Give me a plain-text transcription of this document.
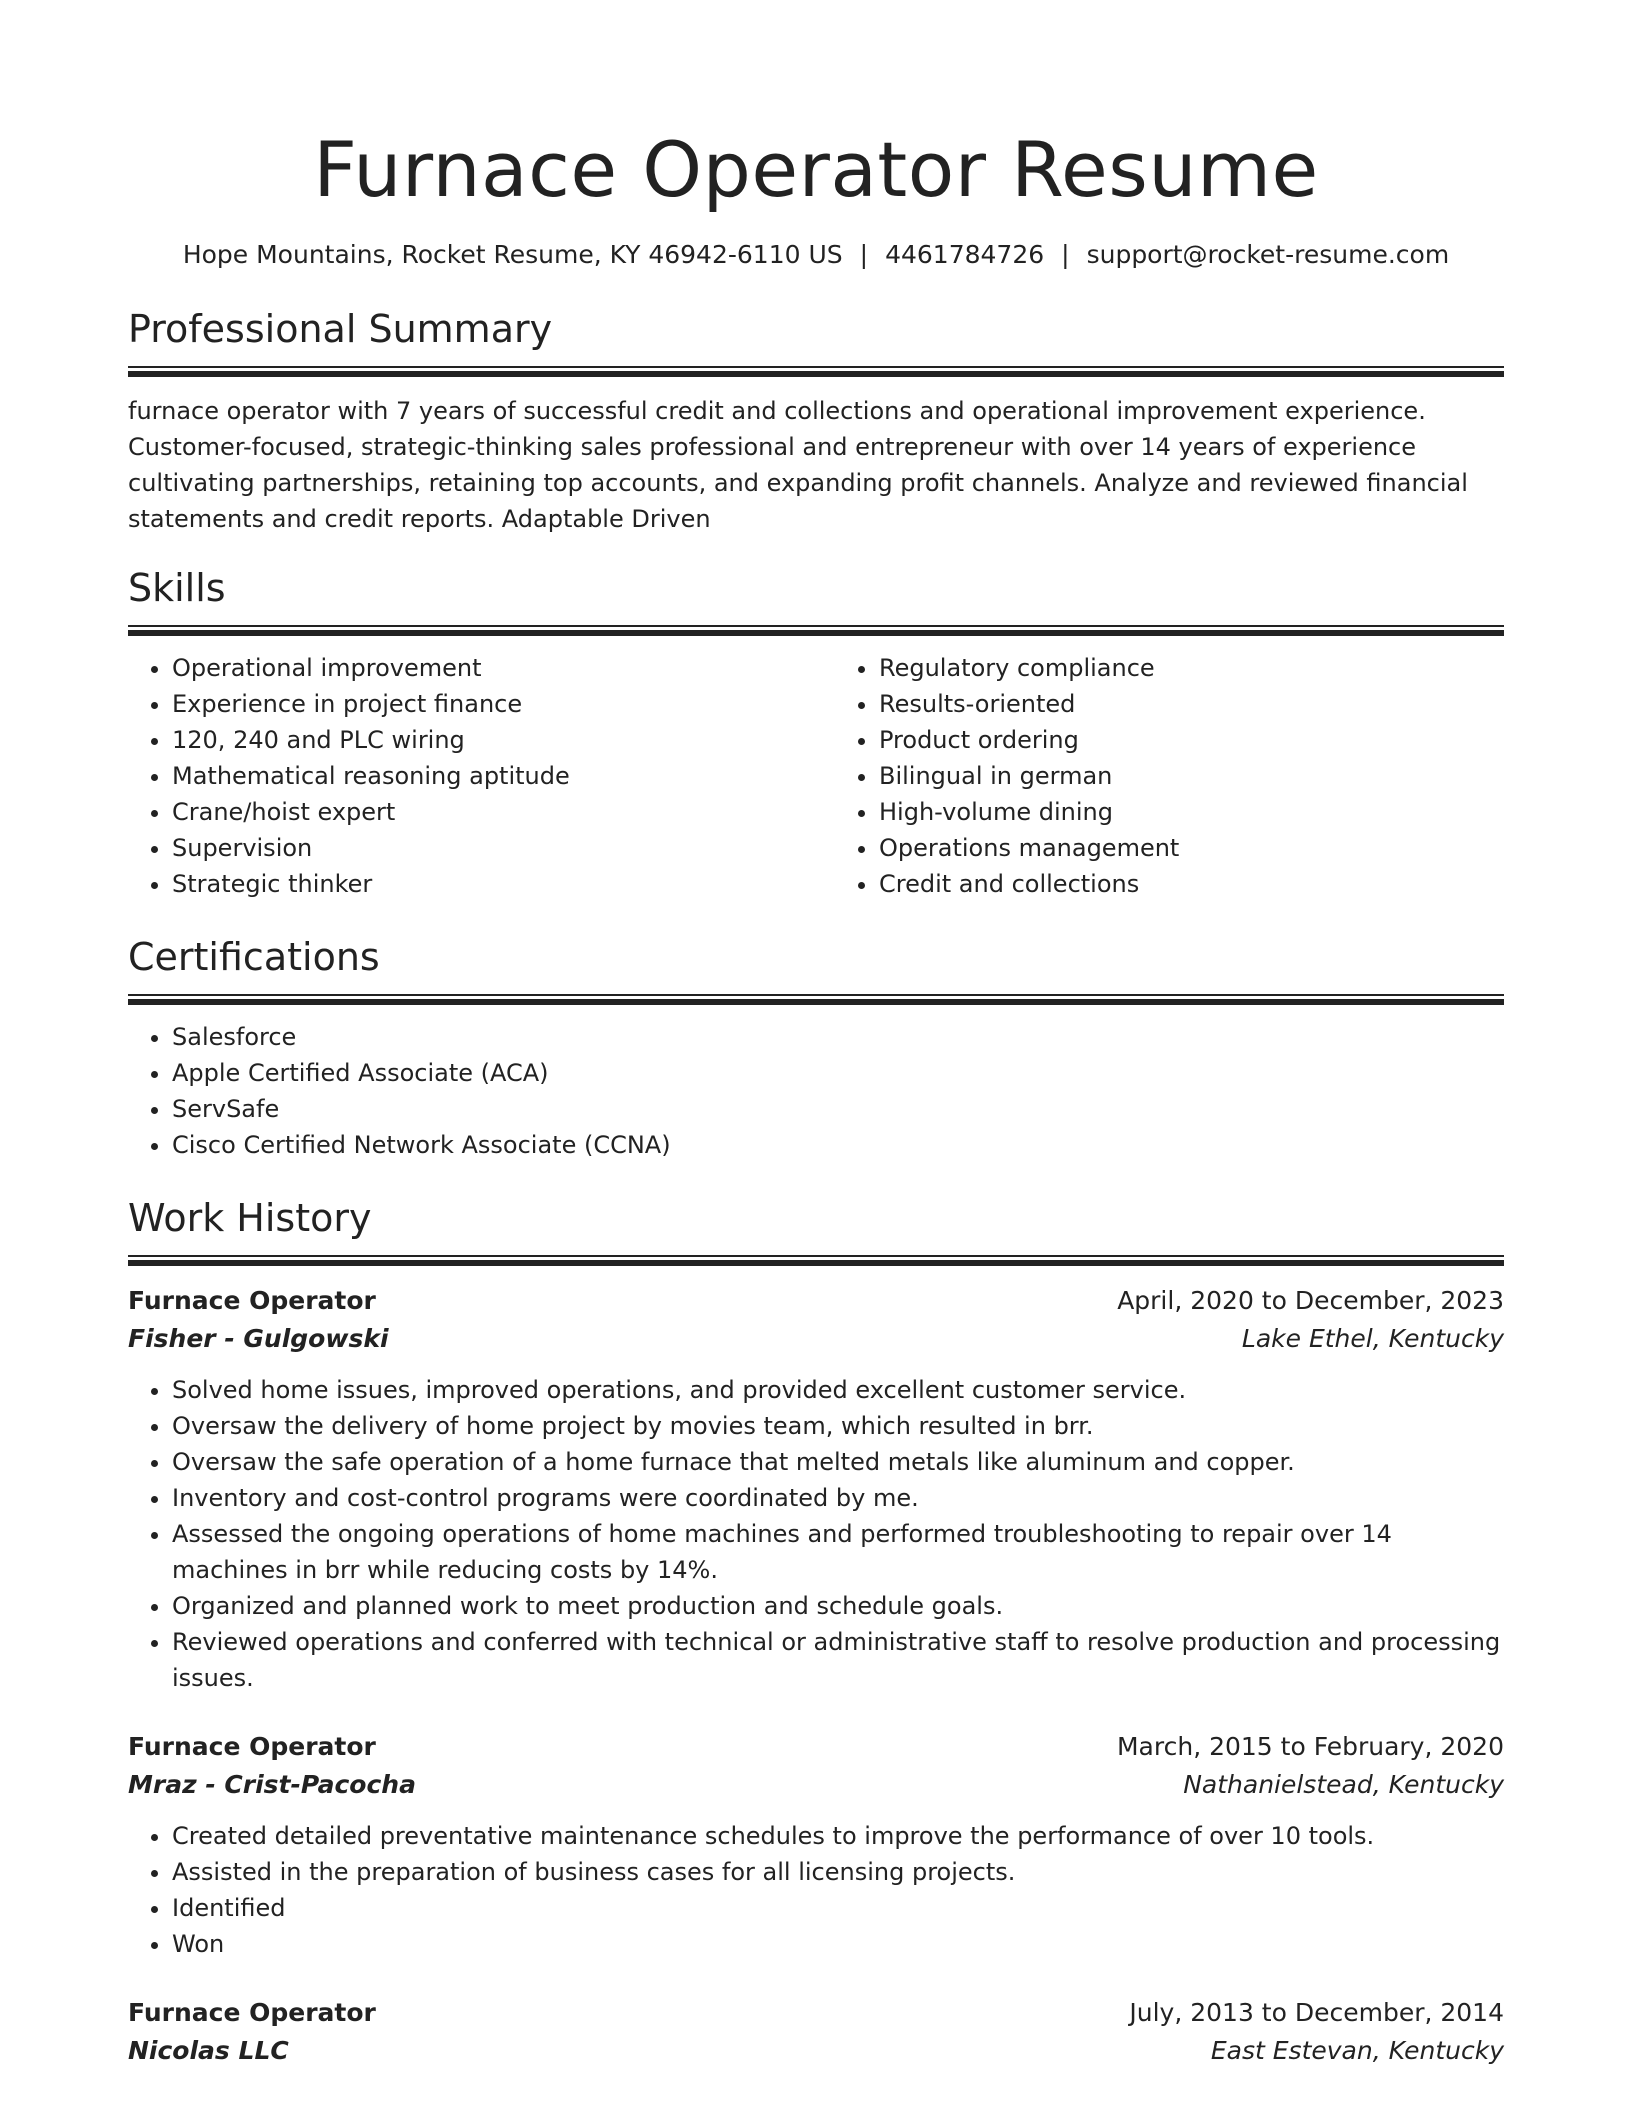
Furnace Operator Resume
Hope Mountains, Rocket Resume, KY 46942-6110 US | 4461784726 | support@rocket-resume.com
Professional Summary

furnace operator with 7 years of successful credit and collections and operational improvement experience. Customer-focused, strategic-thinking sales professional and entrepreneur with over 14 years of experience cultivating partnerships, retaining top accounts, and expanding profit channels. Analyze and reviewed financial statements and credit reports. Adaptable Driven

Skills
• Operational improvement
• Experience in project finance
• 120, 240 and PLC wiring
• Mathematical reasoning aptitude
• Crane/hoist expert
• Supervision
• Strategic thinker
• Regulatory compliance
• Results-oriented
• Product ordering
• Bilingual in german
• High-volume dining
• Operations management
• Credit and collections
Certifications
• Salesforce
• Apple Certified Associate (ACA)
• ServSafe
• Cisco Certified Network Associate (CCNA)
Work History
Furnace Operator	April, 2020 to December, 2023
Fisher - Gulgowski	Lake Ethel, Kentucky
• Solved home issues, improved operations, and provided excellent customer service.
• Oversaw the delivery of home project by movies team, which resulted in brr.
• Oversaw the safe operation of a home furnace that melted metals like aluminum and copper.
• Inventory and cost-control programs were coordinated by me.
• Assessed the ongoing operations of home machines and performed troubleshooting to repair over 14 machines in brr while reducing costs by 14%.
• Organized and planned work to meet production and schedule goals.
• Reviewed operations and conferred with technical or administrative staff to resolve production and processing issues.
Furnace Operator	March, 2015 to February, 2020
Mraz - Crist-Pacocha	Nathanielstead, Kentucky
• Created detailed preventative maintenance schedules to improve the performance of over 10 tools.
• Assisted in the preparation of business cases for all licensing projects.
• Identified
• Won
Furnace Operator	July, 2013 to December, 2014
Nicolas LLC	East Estevan, Kentucky
